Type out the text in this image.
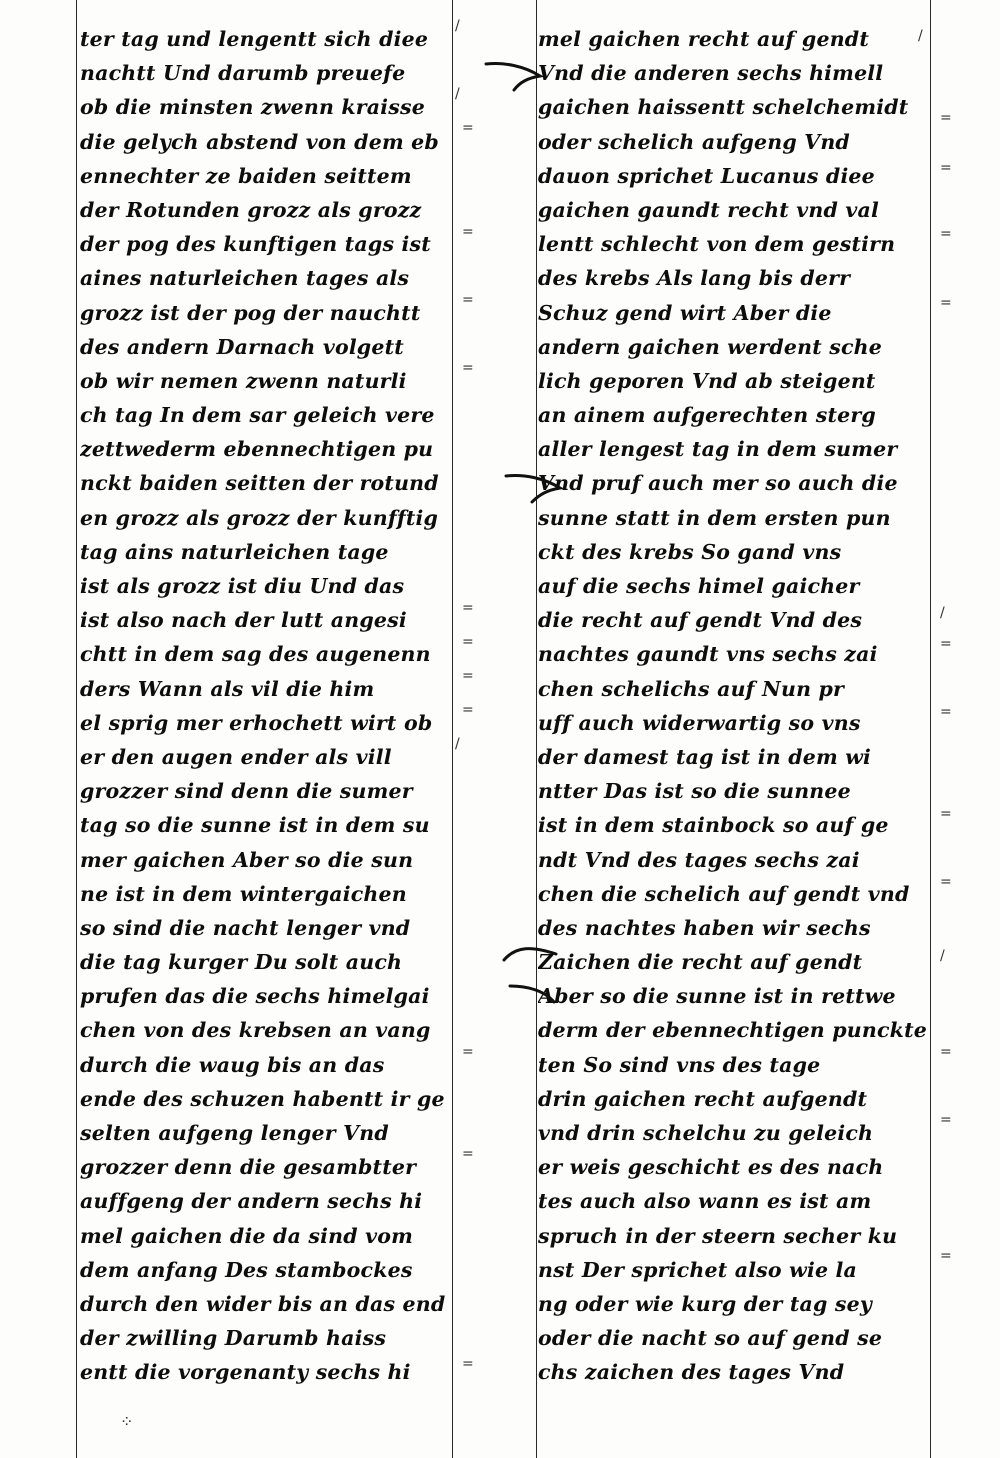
ter tag und lengentt sich diee
nachtt Und darumb preuefe
ob die minsten zwenn kraisse
die gelych abstend von dem eb
ennechter ze baiden seittem
der Rotunden grozz als grozz
der pog des kunftigen tags ist
aines naturleichen tages als
grozz ist der pog der nauchtt
des andern Darnach volgett
ob wir nemen zwenn naturli
ch tag In dem sar geleich vere
zettwederm ebennechtigen pu
nckt baiden seitten der rotund
en grozz als grozz der kunfftig
tag ains naturleichen tage
ist als grozz ist diu Und das
ist also nach der lutt angesi
chtt in dem sag des augenenn
ders Wann als vil die him
el sprig mer erhochett wirt ob
er den augen ender als vill
grozzer sind denn die sumer
tag so die sunne ist in dem su
mer gaichen Aber so die sun
ne ist in dem wintergaichen
so sind die nacht lenger vnd
die tag kurger Du solt auch
prufen das die sechs himelgai
chen von des krebsen an vang
durch die waug bis an das
ende des schuzen habentt ir ge
selten aufgeng lenger Vnd
grozzer denn die gesambtter
auffgeng der andern sechs hi
mel gaichen die da sind vom
dem anfang Des stambockes
durch den wider bis an das end
der zwilling Darumb haiss
entt die vorgenanty sechs hi
mel gaichen recht auf gendt
Vnd die anderen sechs himell
gaichen haissentt schelchemidt
oder schelich aufgeng Vnd
dauon sprichet Lucanus diee
gaichen gaundt recht vnd val
lentt schlecht von dem gestirn
des krebs Als lang bis derr
Schuz gend wirt Aber die
andern gaichen werdent sche
lich geporen Vnd ab steigent
an ainem aufgerechten sterg
aller lengest tag in dem sumer
Vnd pruf auch mer so auch die
sunne statt in dem ersten pun
ckt des krebs So gand vns
auf die sechs himel gaicher
die recht auf gendt Vnd des
nachtes gaundt vns sechs zai
chen schelichs auf Nun pr
uff auch widerwartig so vns
der damest tag ist in dem wi
ntter Das ist so die sunnee
ist in dem stainbock so auf ge
ndt Vnd des tages sechs zai
chen die schelich auf gendt vnd
des nachtes haben wir sechs
Zaichen die recht auf gendt
Aber so die sunne ist in rettwe
derm der ebennechtigen punckte
ten So sind vns des tage
drin gaichen recht aufgendt
vnd drin schelchu zu geleich
er weis geschicht es des nach
tes auch also wann es ist am
spruch in der steern secher ku
nst Der sprichet also wie la
ng oder wie kurg der tag sey
oder die nacht so auf gend se
chs zaichen des tages Vnd
/
/
=
=
=
=
=
=
=
=
/
=
=
=
/
=
=
=
=
/
=
=
=
=
/
=
=
=
⁘
